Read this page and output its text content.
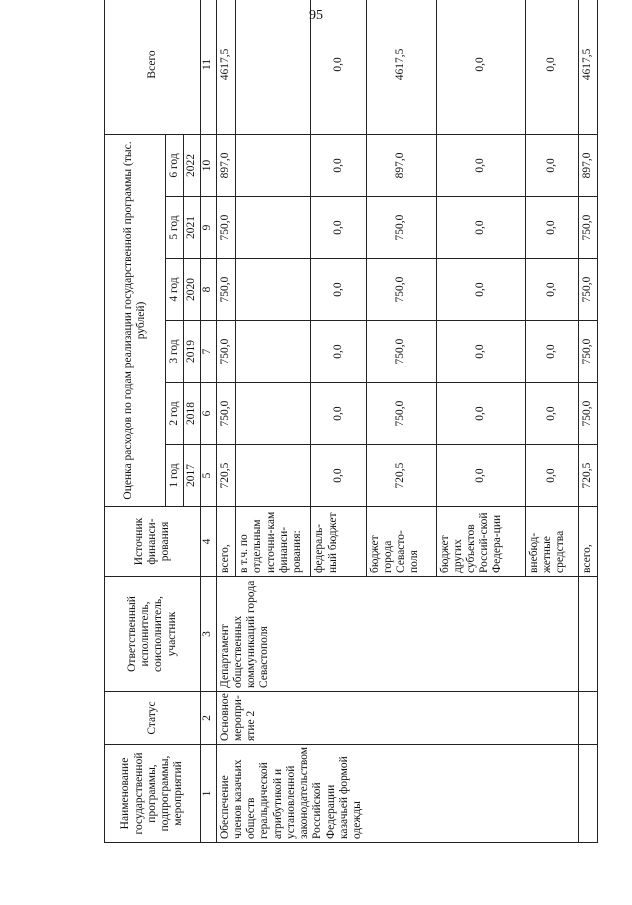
95
Наименование государственной программы, подпрограммы, мероприятий	Статус	Ответственный исполнитель, соисполнитель, участник	Источник финанси-рования	Оценка расходов по годам реализации государственной программы (тыс. рублей)						Всего
				1 год	2 год	3 год	4 год	5 год	6 год	
				2017	2018	2019	2020	2021	2022	
1	2	3	4	5	6	7	8	9	10	11
Обеспечение членов казачьих обществ геральдической атрибутикой и установленной законодательством Российской Федерации казачьей формой одежды	Основное меропри-ятие 2	Департамент общественных коммуникаций города Севастополя	всего,	720,5	750,0	750,0	750,0	750,0	897,0	4617,5
			в т.ч. по отдельным источни-кам финанси-рования:							
			федераль-ный бюджет	0,0	0,0	0,0	0,0	0,0	0,0	0,0
			бюджет города Севасто-поля	720,5	750,0	750,0	750,0	750,0	897,0	4617,5
			бюджет других субъектов Россий-ской Федера-ции	0,0	0,0	0,0	0,0	0,0	0,0	0,0
			внебюд-жетные средства	0,0	0,0	0,0	0,0	0,0	0,0	0,0
			всего,	720,5	750,0	750,0	750,0	750,0	897,0	4617,5
